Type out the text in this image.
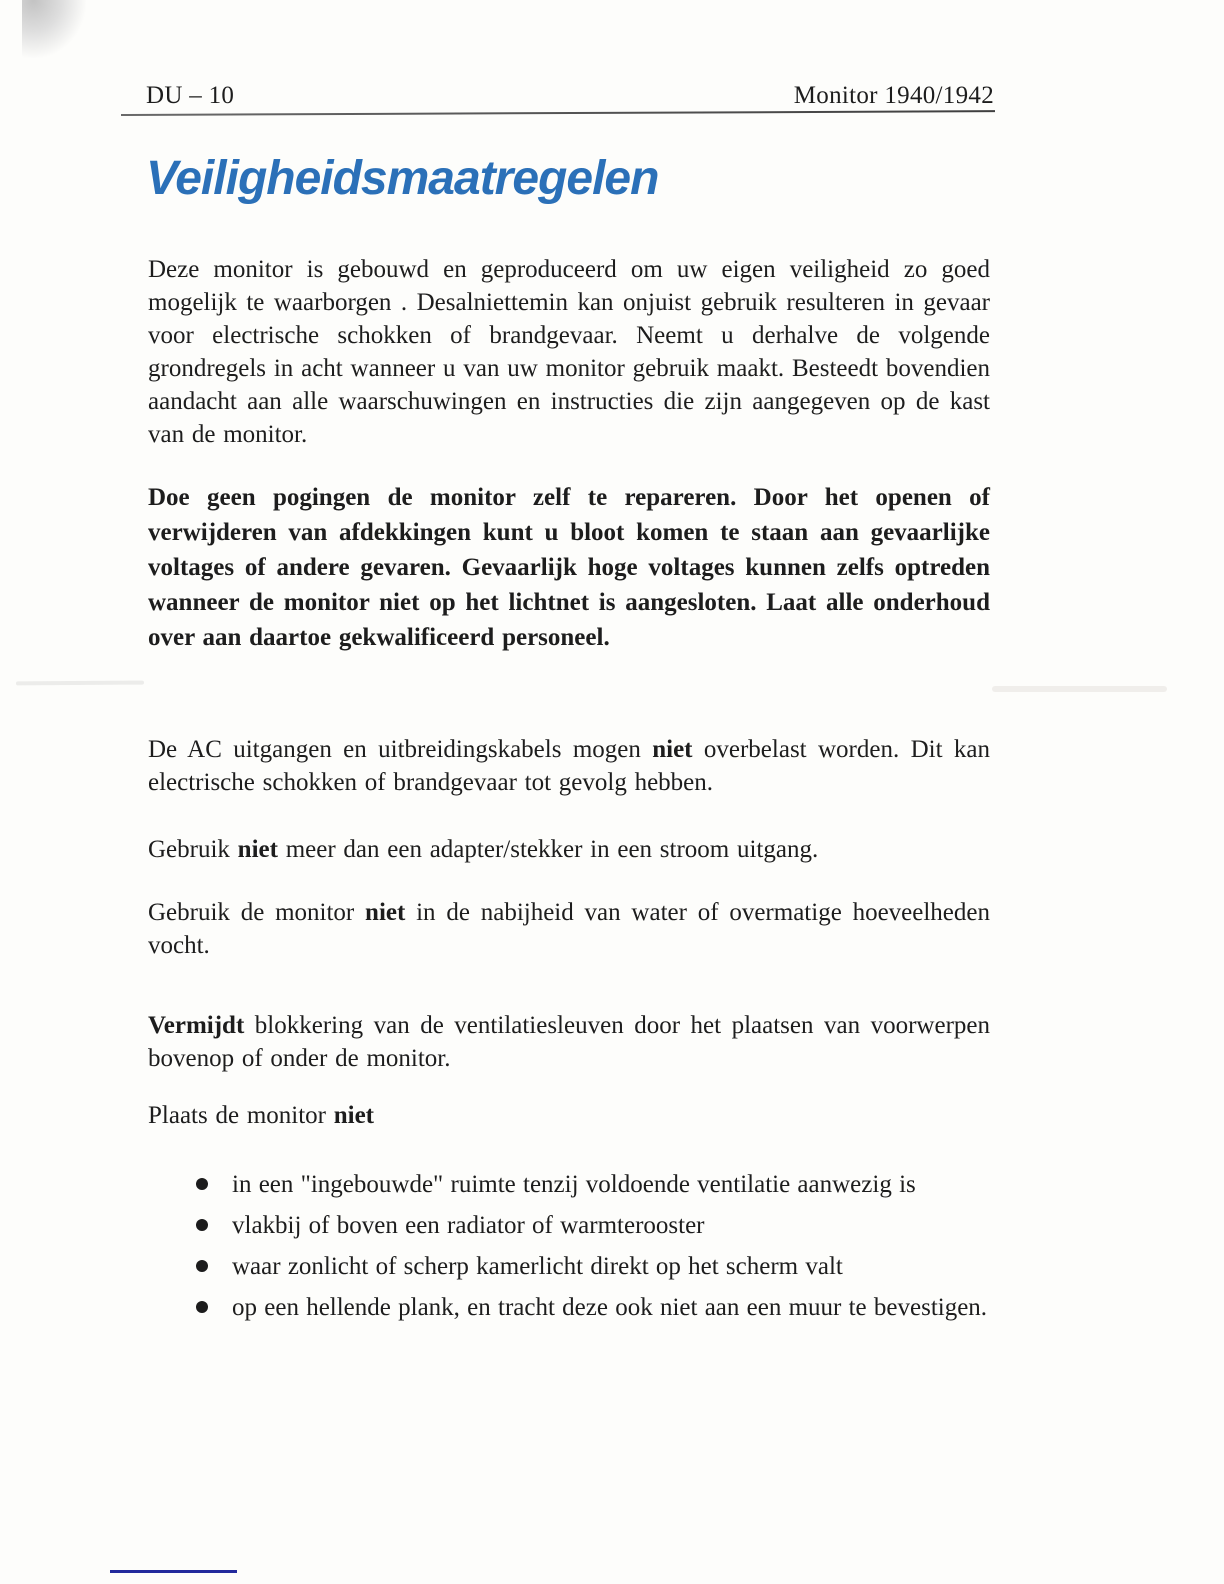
DU – 10	Monitor 1940/1942
Veiligheidsmaatregelen

Deze monitor is gebouwd en geproduceerd om uw eigen veiligheid zo goed mogelijk te waarborgen . Desalniettemin kan onjuist gebruik resulteren in gevaar voor electrische schokken of brandgevaar. Neemt u derhalve de volgende grondregels in acht wanneer u van uw monitor gebruik maakt. Besteedt bovendien aandacht aan alle waarschuwingen en instructies die zijn aangegeven op de kast van de monitor.

Doe geen pogingen de monitor zelf te repareren. Door het openen of verwijderen van afdekkingen kunt u bloot komen te staan aan gevaarlijke voltages of andere gevaren. Gevaarlijk hoge voltages kunnen zelfs optreden wanneer de monitor niet op het lichtnet is aangesloten. Laat alle onderhoud over aan daartoe gekwalificeerd personeel.

De AC uitgangen en uitbreidingskabels mogen niet overbelast worden. Dit kan electrische schokken of brandgevaar tot gevolg hebben.

Gebruik niet meer dan een adapter/stekker in een stroom uitgang.

Gebruik de monitor niet in de nabijheid van water of overmatige hoeveelheden vocht.

Vermijdt blokkering van de ventilatiesleuven door het plaatsen van voorwerpen bovenop of onder de monitor.

Plaats de monitor niet

in een "ingebouwde" ruimte tenzij voldoende ventilatie aanwezig is
vlakbij of boven een radiator of warmterooster
waar zonlicht of scherp kamerlicht direkt op het scherm valt
op een hellende plank, en tracht deze ook niet aan een muur te bevestigen.
